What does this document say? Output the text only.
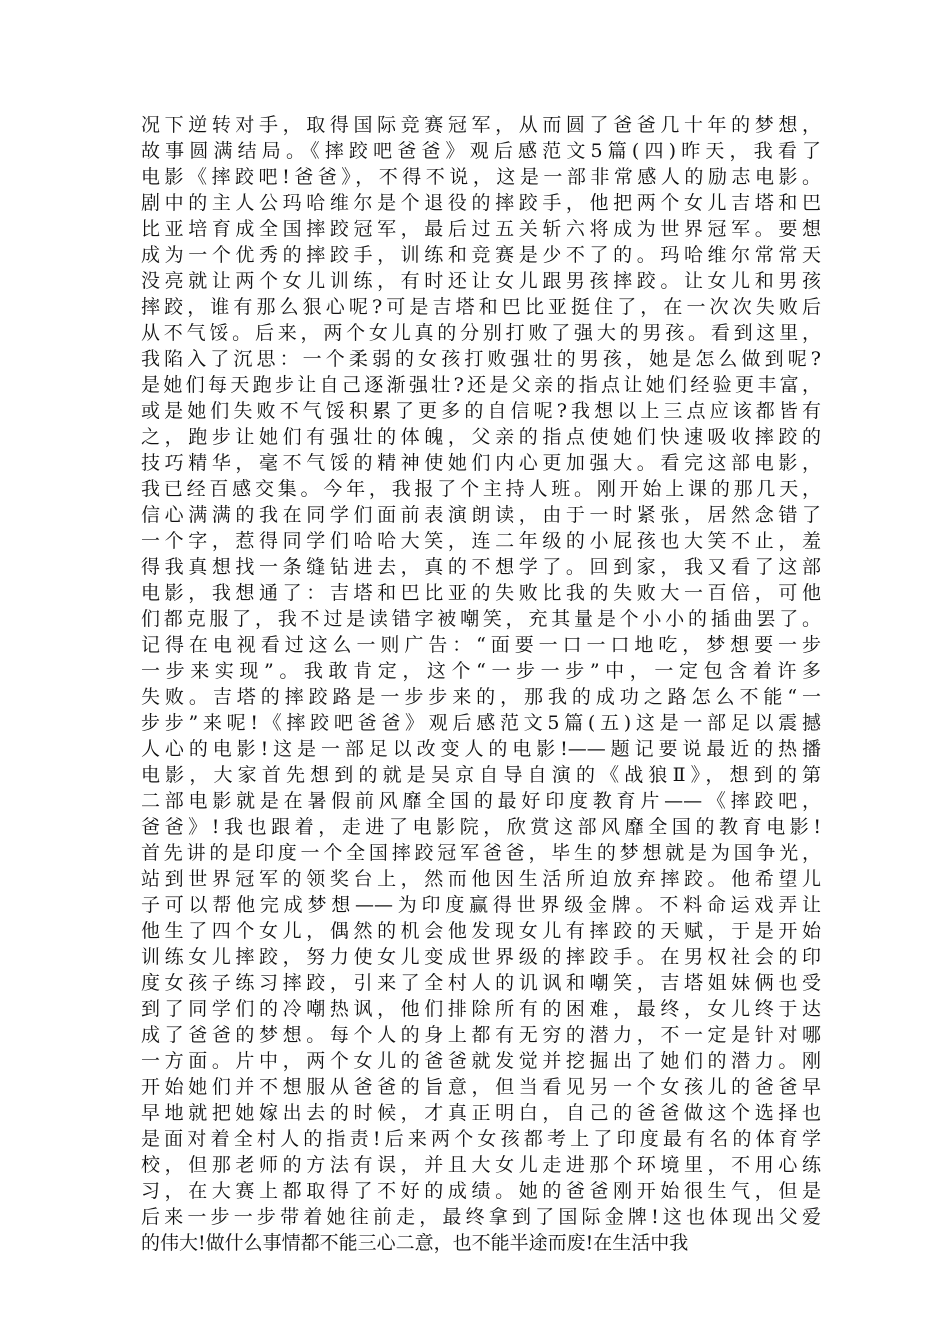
况下逆转对手，取得国际竞赛冠军，从而圆了爸爸几十年的梦想，
故事圆满结局。《摔跤吧爸爸》观后感范文5篇(四)昨天，我看了
电影《摔跤吧!爸爸》，不得不说，这是一部非常感人的励志电影。
剧中的主人公玛哈维尔是个退役的摔跤手，他把两个女儿吉塔和巴
比亚培育成全国摔跤冠军，最后过五关斩六将成为世界冠军。要想
成为一个优秀的摔跤手，训练和竞赛是少不了的。玛哈维尔常常天
没亮就让两个女儿训练，有时还让女儿跟男孩摔跤。让女儿和男孩
摔跤，谁有那么狠心呢?可是吉塔和巴比亚挺住了，在一次次失败后
从不气馁。后来，两个女儿真的分别打败了强大的男孩。看到这里，
我陷入了沉思：一个柔弱的女孩打败强壮的男孩，她是怎么做到呢?
是她们每天跑步让自己逐渐强壮?还是父亲的指点让她们经验更丰富，
或是她们失败不气馁积累了更多的自信呢?我想以上三点应该都皆有
之，跑步让她们有强壮的体魄，父亲的指点使她们快速吸收摔跤的
技巧精华，毫不气馁的精神使她们内心更加强大。看完这部电影，
我已经百感交集。今年，我报了个主持人班。刚开始上课的那几天，
信心满满的我在同学们面前表演朗读，由于一时紧张，居然念错了
一个字，惹得同学们哈哈大笑，连二年级的小屁孩也大笑不止，羞
得我真想找一条缝钻进去，真的不想学了。回到家，我又看了这部
电影，我想通了：吉塔和巴比亚的失败比我的失败大一百倍，可他
们都克服了，我不过是读错字被嘲笑，充其量是个小小的插曲罢了。
记得在电视看过这么一则广告：“面要一口一口地吃，梦想要一步
一步来实现”。我敢肯定，这个“一步一步”中，一定包含着许多
失败。吉塔的摔跤路是一步步来的，那我的成功之路怎么不能“一
步步”来呢!《摔跤吧爸爸》观后感范文5篇(五)这是一部足以震撼
人心的电影!这是一部足以改变人的电影!——题记要说最近的热播
电影，大家首先想到的就是吴京自导自演的《战狼Ⅱ》，想到的第
二部电影就是在暑假前风靡全国的最好印度教育片——《摔跤吧，
爸爸》!我也跟着，走进了电影院，欣赏这部风靡全国的教育电影!
首先讲的是印度一个全国摔跤冠军爸爸，毕生的梦想就是为国争光，
站到世界冠军的领奖台上，然而他因生活所迫放弃摔跤。他希望儿
子可以帮他完成梦想——为印度赢得世界级金牌。不料命运戏弄让
他生了四个女儿，偶然的机会他发现女儿有摔跤的天赋，于是开始
训练女儿摔跤，努力使女儿变成世界级的摔跤手。在男权社会的印
度女孩子练习摔跤，引来了全村人的讥讽和嘲笑，吉塔姐妹俩也受
到了同学们的冷嘲热讽，他们排除所有的困难，最终，女儿终于达
成了爸爸的梦想。每个人的身上都有无穷的潜力，不一定是针对哪
一方面。片中，两个女儿的爸爸就发觉并挖掘出了她们的潜力。刚
开始她们并不想服从爸爸的旨意，但当看见另一个女孩儿的爸爸早
早地就把她嫁出去的时候，才真正明白，自己的爸爸做这个选择也
是面对着全村人的指责!后来两个女孩都考上了印度最有名的体育学
校，但那老师的方法有误，并且大女儿走进那个环境里，不用心练
习，在大赛上都取得了不好的成绩。她的爸爸刚开始很生气，但是
后来一步一步带着她往前走，最终拿到了国际金牌!这也体现出父爱
的伟大!做什么事情都不能三心二意，也不能半途而废!在生活中我
